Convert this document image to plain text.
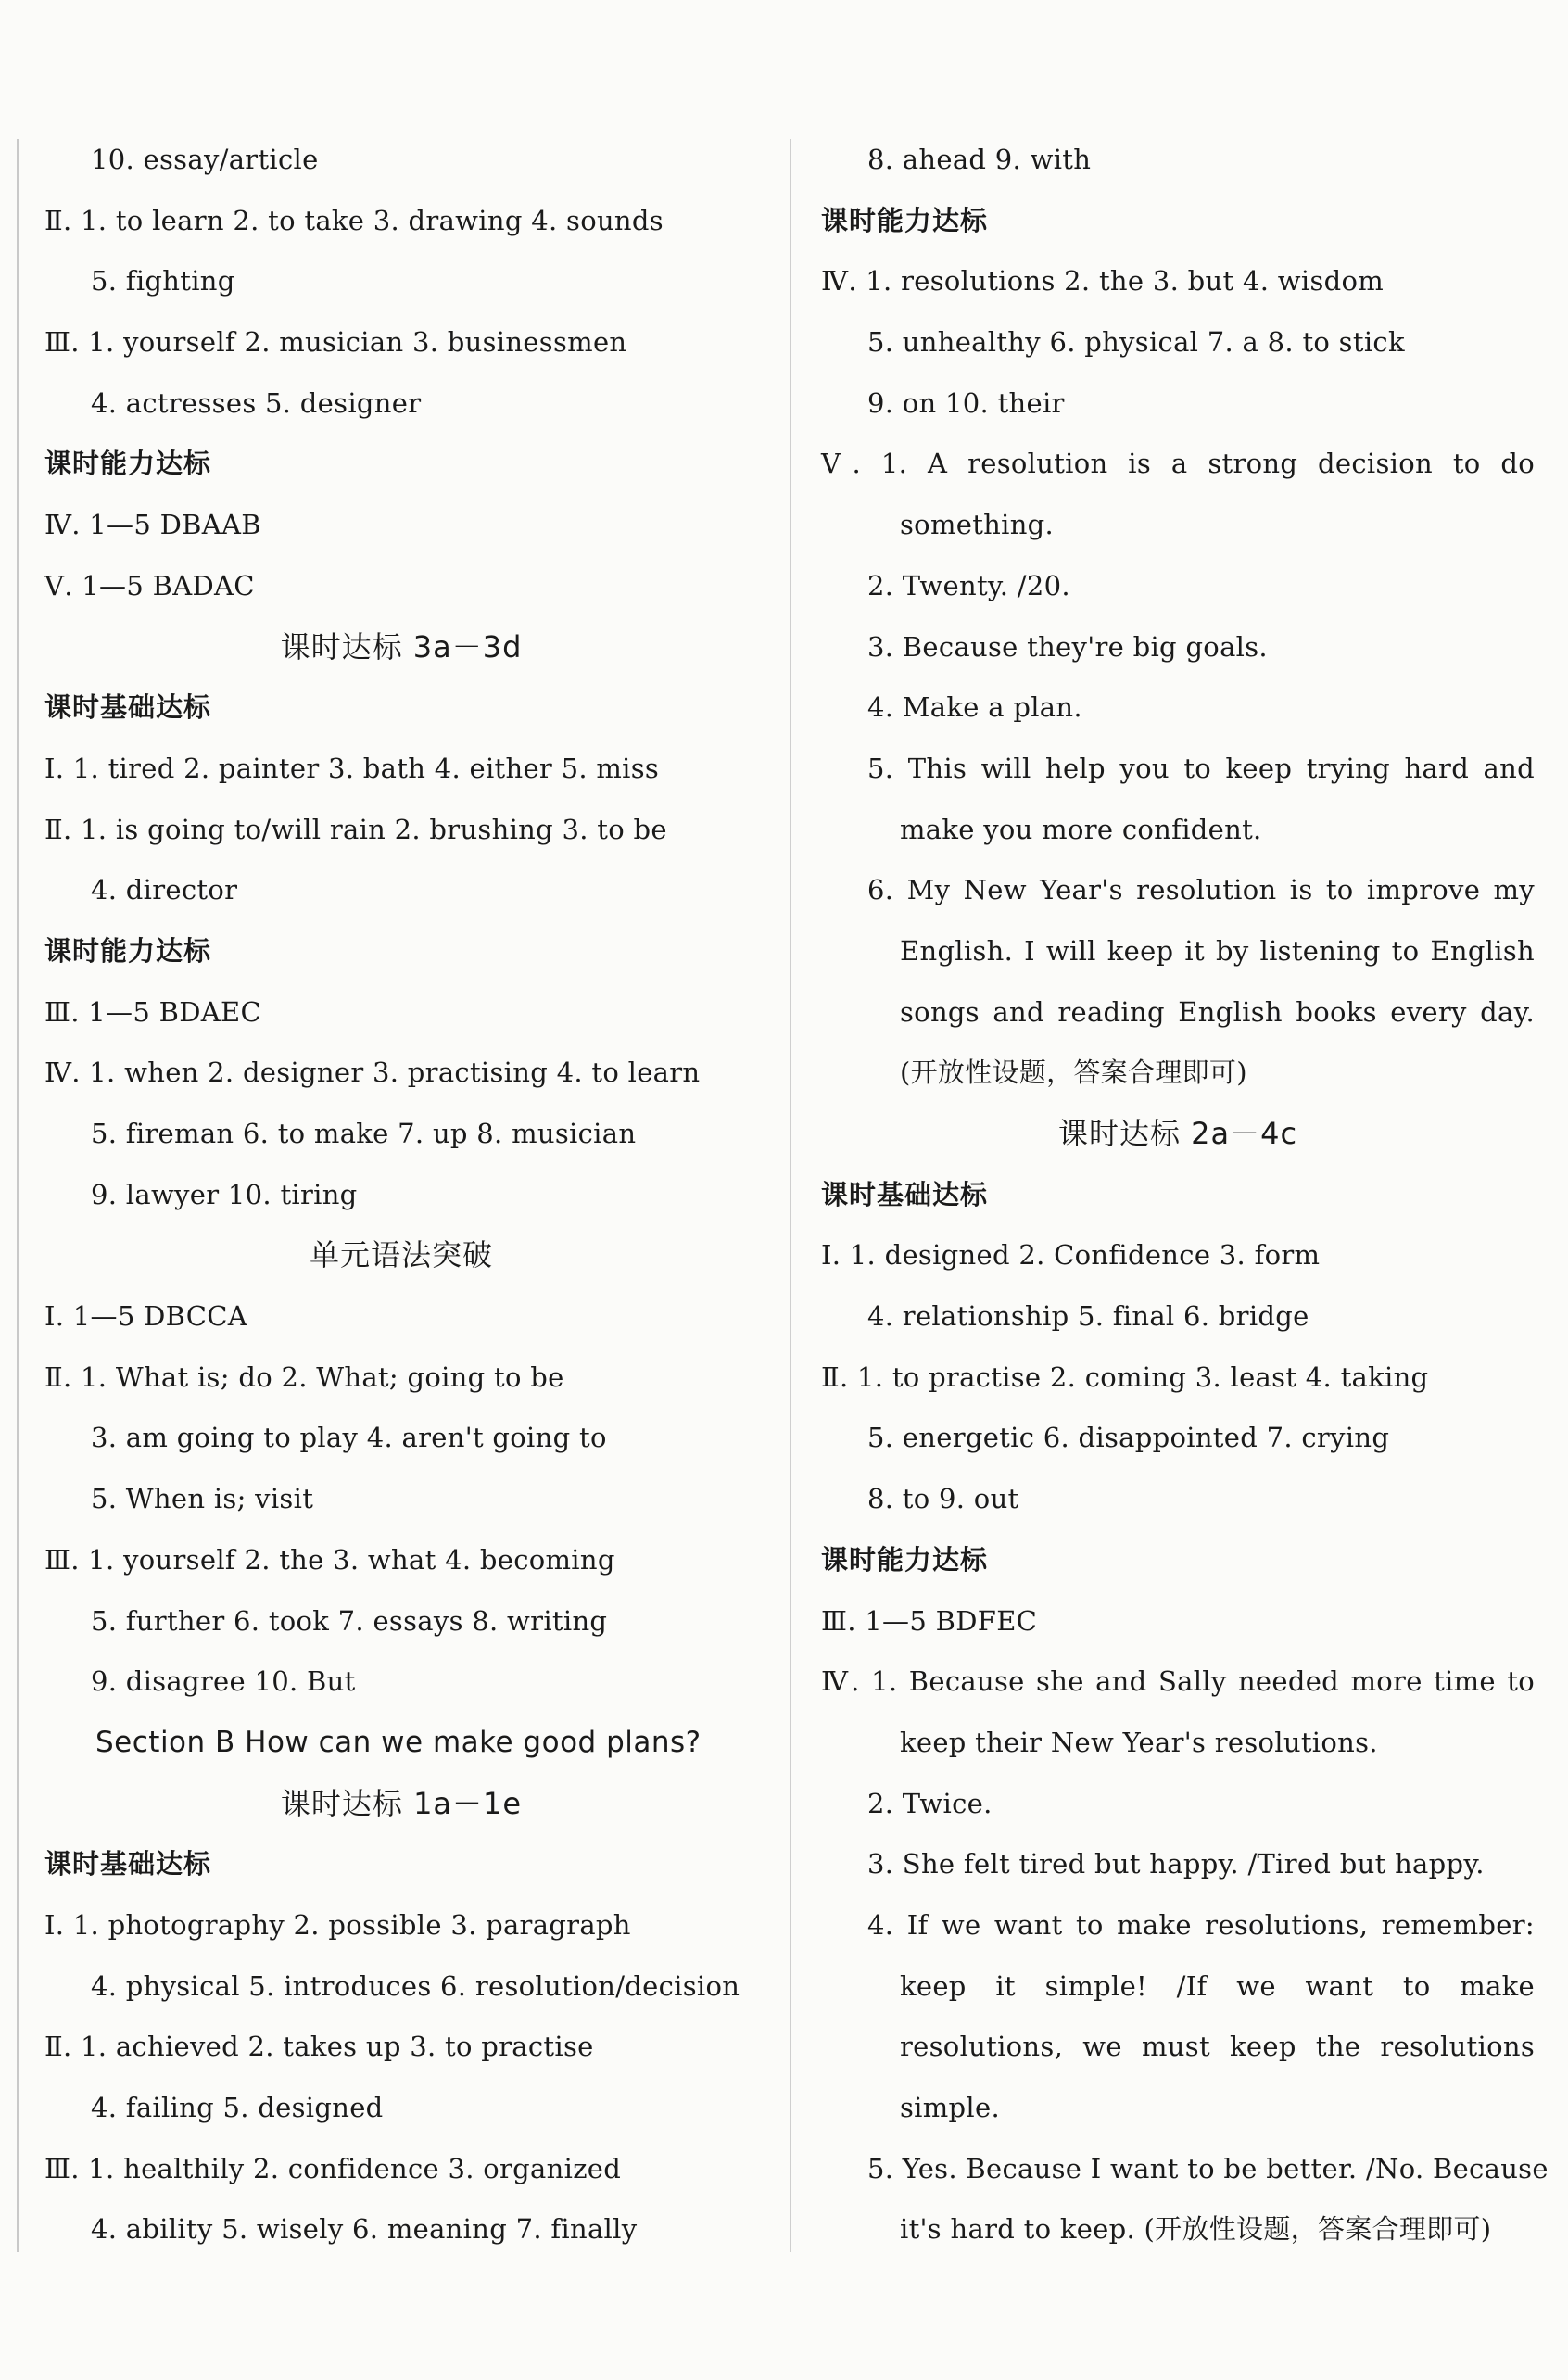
10. essay/article
Ⅱ. 1. to learn 2. to take 3. drawing 4. sounds
5. fighting
Ⅲ. 1. yourself 2. musician 3. businessmen
4. actresses 5. designer
课时能力达标
Ⅳ. 1—5 DBAAB
Ⅴ. 1—5 BADAC
课时达标 3a－3d
课时基础达标
Ⅰ. 1. tired 2. painter 3. bath 4. either 5. miss
Ⅱ. 1. is going to/will rain 2. brushing 3. to be
4. director
课时能力达标
Ⅲ. 1—5 BDAEC
Ⅳ. 1. when 2. designer 3. practising 4. to learn
5. fireman 6. to make 7. up 8. musician
9. lawyer 10. tiring
单元语法突破
Ⅰ. 1—5 DBCCA
Ⅱ. 1. What is; do 2. What; going to be
3. am going to play 4. aren't going to
5. When is; visit
Ⅲ. 1. yourself 2. the 3. what 4. becoming
5. further 6. took 7. essays 8. writing
9. disagree 10. But
Section B How can we make good plans?
课时达标 1a－1e
课时基础达标
Ⅰ. 1. photography 2. possible 3. paragraph
4. physical 5. introduces 6. resolution/decision
Ⅱ. 1. achieved 2. takes up 3. to practise
4. failing 5. designed
Ⅲ. 1. healthily 2. confidence 3. organized
4. ability 5. wisely 6. meaning 7. finally
8. ahead 9. with
课时能力达标
Ⅳ. 1. resolutions 2. the 3. but 4. wisdom
5. unhealthy 6. physical 7. a 8. to stick
9. on 10. their
Ⅴ. 1. A resolution is a strong decision to do
something.
2. Twenty. /20.
3. Because they're big goals.
4. Make a plan.
5. This will help you to keep trying hard and
make you more confident.
6. My New Year's resolution is to improve my
English. I will keep it by listening to English
songs and reading English books every day.
(开放性设题，答案合理即可)
课时达标 2a－4c
课时基础达标
Ⅰ. 1. designed 2. Confidence 3. form
4. relationship 5. final 6. bridge
Ⅱ. 1. to practise 2. coming 3. least 4. taking
5. energetic 6. disappointed 7. crying
8. to 9. out
课时能力达标
Ⅲ. 1—5 BDFEC
Ⅳ. 1. Because she and Sally needed more time to
keep their New Year's resolutions.
2. Twice.
3. She felt tired but happy. /Tired but happy.
4. If we want to make resolutions, remember:
keep it simple! /If we want to make
resolutions, we must keep the resolutions
simple.
5. Yes. Because I want to be better. /No. Because
it's hard to keep. (开放性设题，答案合理即可)
